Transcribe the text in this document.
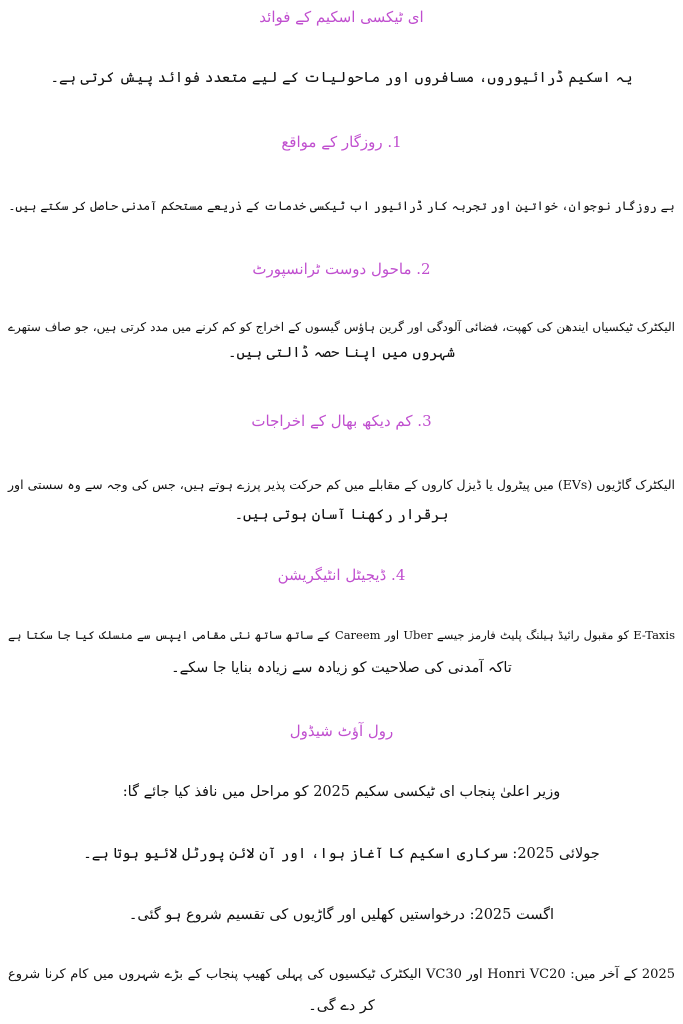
ای ٹیکسی اسکیم کے فوائد
یہ اسکیم ڈرائیوروں، مسافروں اور ماحولیات کے لیے متعدد فوائد پیش کرتی ہے۔
1. روزگار کے مواقع
بے روزگار نوجوان، خواتین اور تجربہ کار ڈرائیور اب ٹیکسی خدمات کے ذریعے مستحکم آمدنی حاصل کر سکتے ہیں۔
2. ماحول دوست ٹرانسپورٹ
الیکٹرک ٹیکسیاں ایندھن کی کھپت، فضائی آلودگی اور گرین ہاؤس گیسوں کے اخراج کو کم کرنے میں مدد کرتی ہیں، جو صاف ستھرے
شہروں میں اپنا حصہ ڈالتی ہیں۔
3. کم دیکھ بھال کے اخراجات
الیکٹرک گاڑیوں (EVs) میں پیٹرول یا ڈیزل کاروں کے مقابلے میں کم حرکت پذیر پرزے ہوتے ہیں، جس کی وجہ سے وہ سستی اور
برقرار رکھنا آسان ہوتی ہیں۔
4. ڈیجیٹل انٹیگریشن
E-Taxis کو مقبول رائیڈ ہیلنگ پلیٹ فارمز جیسے Uber اور Careem کے ساتھ ساتھ نئی مقامی ایپس سے منسلک کیا جا سکتا ہے
تاکہ آمدنی کی صلاحیت کو زیادہ سے زیادہ بنایا جا سکے۔
رول آؤٹ شیڈول
وزیر اعلیٰ پنجاب ای ٹیکسی سکیم 2025 کو مراحل میں نافذ کیا جائے گا:
جولائی 2025: سرکاری اسکیم کا آغاز ہوا، اور آن لائن پورٹل لائیو ہوتا ہے۔
اگست 2025: درخواستیں کھلیں اور گاڑیوں کی تقسیم شروع ہو گئی۔
2025 کے آخر میں: Honri VC20 اور VC30 الیکٹرک ٹیکسیوں کی پہلی کھیپ پنجاب کے بڑے شہروں میں کام کرنا شروع
کر دے گی۔
